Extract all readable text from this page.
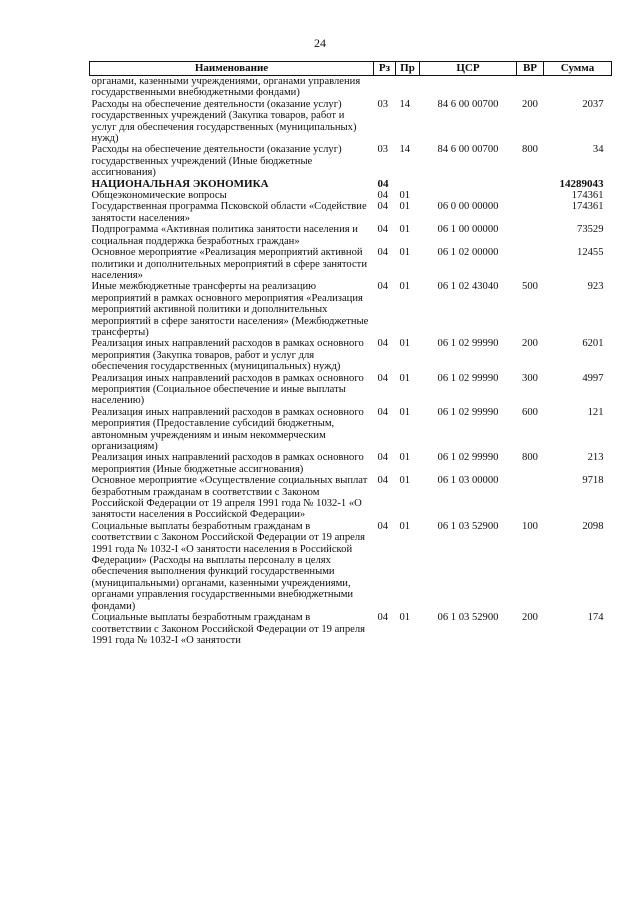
24
Наименование	Рз	Пр	ЦСР	ВР	Сумма
органами, казенными учреждениями, органами управления государственными внебюджетными фондами)					
Расходы на обеспечение деятельности (оказание услуг) государственных учреждений (Закупка товаров, работ и услуг для обеспечения государственных (муниципальных) нужд)	03	14	84 6 00 00700	200	2037
Расходы на обеспечение деятельности (оказание услуг) государственных учреждений (Иные бюджетные ассигнования)	03	14	84 6 00 00700	800	34
НАЦИОНАЛЬНАЯ ЭКОНОМИКА	04				14289043
Общеэкономические вопросы	04	01			174361
Государственная программа Псковской области «Содействие занятости населения»	04	01	06 0 00 00000		174361
Подпрограмма «Активная политика занятости населения и социальная поддержка безработных граждан»	04	01	06 1 00 00000		73529
Основное мероприятие «Реализация мероприятий активной политики и дополнительных мероприятий в сфере занятости населения»	04	01	06 1 02 00000		12455
Иные межбюджетные трансферты на реализацию мероприятий в рамках основного мероприятия «Реализация мероприятий активной политики и дополнительных мероприятий в сфере занятости населения» (Межбюджетные трансферты)	04	01	06 1 02 43040	500	923
Реализация иных направлений расходов в рамках основного мероприятия (Закупка товаров, работ и услуг для обеспечения государственных (муниципальных) нужд)	04	01	06 1 02 99990	200	6201
Реализация иных направлений расходов в рамках основного мероприятия (Социальное обеспечение и иные выплаты населению)	04	01	06 1 02 99990	300	4997
Реализация иных направлений расходов в рамках основного мероприятия (Предоставление субсидий бюджетным, автономным учреждениям и иным некоммерческим организациям)	04	01	06 1 02 99990	600	121
Реализация иных направлений расходов в рамках основного мероприятия (Иные бюджетные ассигнования)	04	01	06 1 02 99990	800	213
Основное мероприятие «Осуществление социальных выплат безработным гражданам в соответствии с Законом Российской Федерации от 19 апреля 1991 года № 1032-1 «О занятости населения в Российской Федерации»	04	01	06 1 03 00000		9718
Социальные выплаты безработным гражданам в соответствии с Законом Российской Федерации от 19 апреля 1991 года № 1032-I «О занятости населения в Российской Федерации» (Расходы на выплаты персоналу в целях обеспечения выполнения функций государственными (муниципальными) органами, казенными учреждениями, органами управления государственными внебюджетными фондами)	04	01	06 1 03 52900	100	2098
Социальные выплаты безработным гражданам в соответствии с Законом Российской Федерации от 19 апреля 1991 года № 1032-I «О занятости	04	01	06 1 03 52900	200	174
